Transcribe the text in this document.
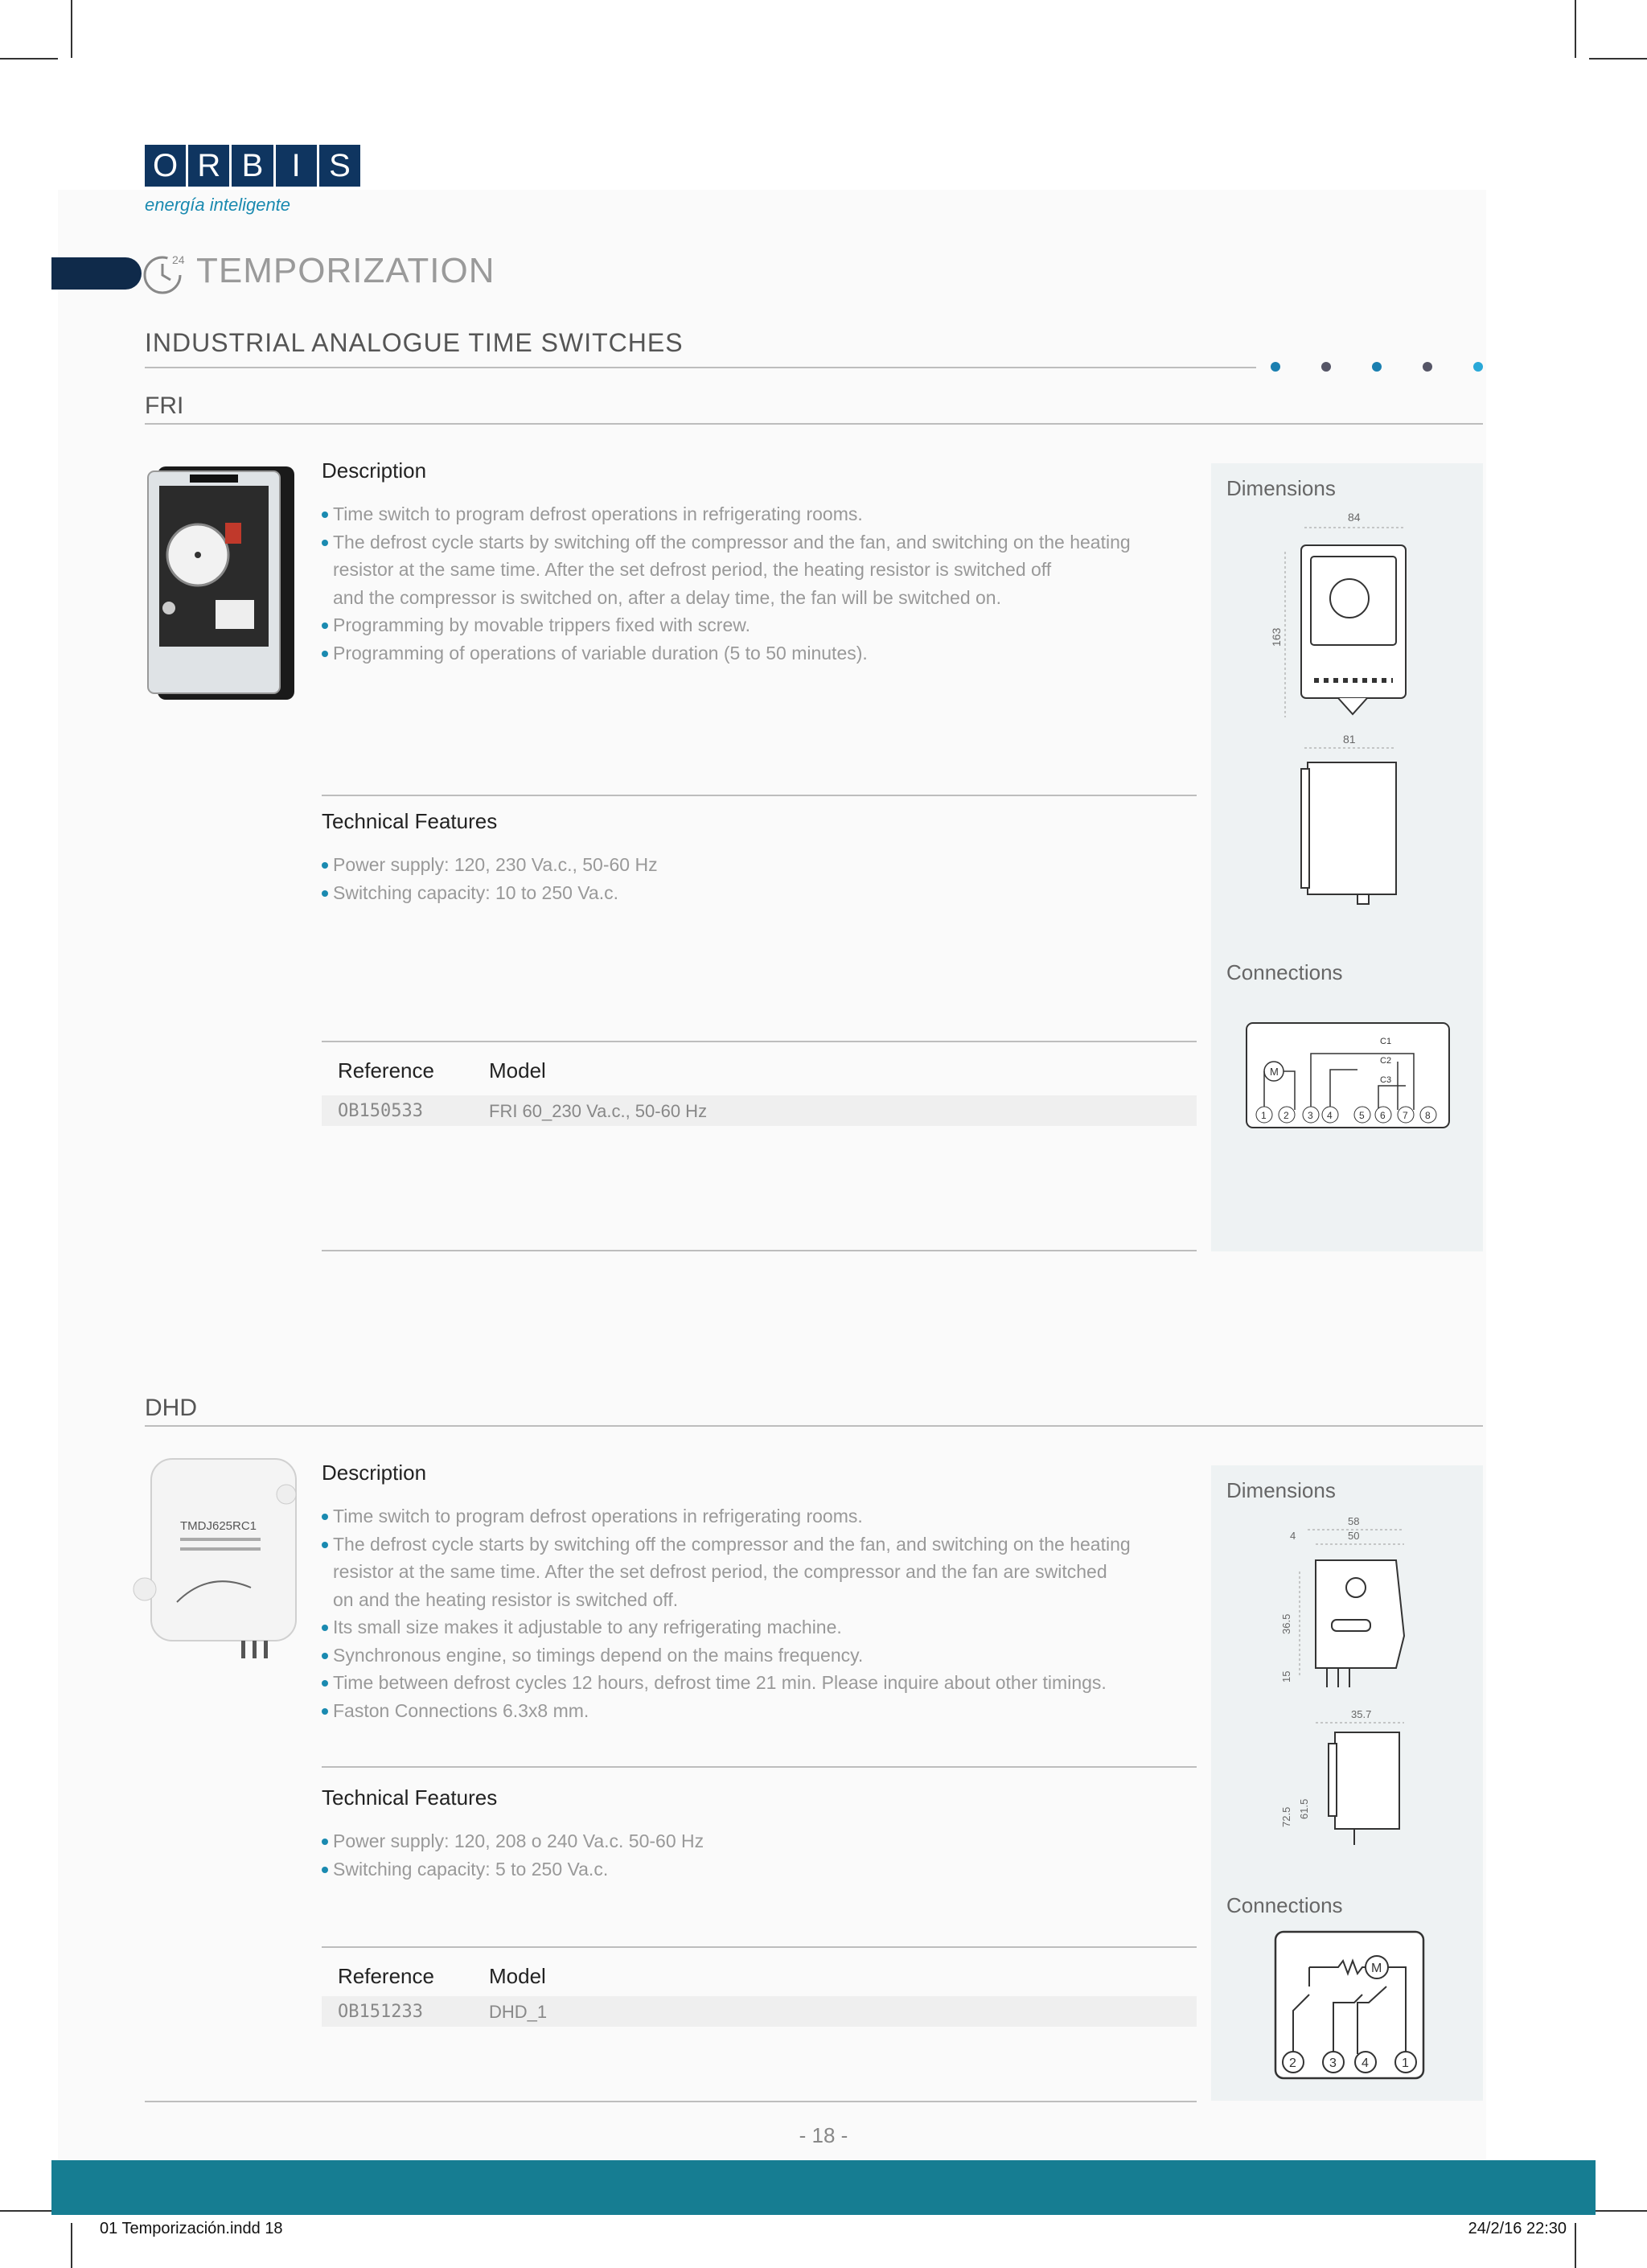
O R B I S
energía inteligente
24 TEMPORIZATION
INDUSTRIAL ANALOGUE TIME SWITCHES
FRI
Description
Time switch to program defrost operations in refrigerating rooms.
The defrost cycle starts by switching off the compressor and the fan, and switching on the heating
resistor at the same time. After the set defrost period, the heating resistor is switched off
and the compressor is switched on, after a delay time, the fan will be switched on.
Programming by movable trippers fixed with screw.
Programming of operations of variable duration (5 to 50 minutes).
Technical Features
Power supply: 120, 230 Va.c., 50-60 Hz
Switching capacity: 10 to 250 Va.c.
Reference	Model
OB150533	FRI 60_230 Va.c., 50-60 Hz
Dimensions
84
163
81
Connections
M
C1
C2
C3
1 2 3 4	5 6 7 8
DHD
TMDJ625RC1
Description
Time switch to program defrost operations in refrigerating rooms.
The defrost cycle starts by switching off the compressor and the fan, and switching on the heating
resistor at the same time. After the set defrost period, the compressor and the fan are switched
on and the heating resistor is switched off.
Its small size makes it adjustable to any refrigerating machine.
Synchronous engine, so timings depend on the mains frequency.
Time between defrost cycles 12 hours, defrost time 21 min. Please inquire about other timings.
Faston Connections 6.3x8 mm.
Technical Features
Power supply: 120, 208 o 240 Va.c. 50-60 Hz
Switching capacity: 5 to 250 Va.c.
Reference	Model
OB151233	DHD_1
Dimensions
58
50
4
36.5
15
35.7
72.5 61.5
Connections
M
2	3 4	1
- 18 -
01 Temporización.indd 18	24/2/16 22:30
